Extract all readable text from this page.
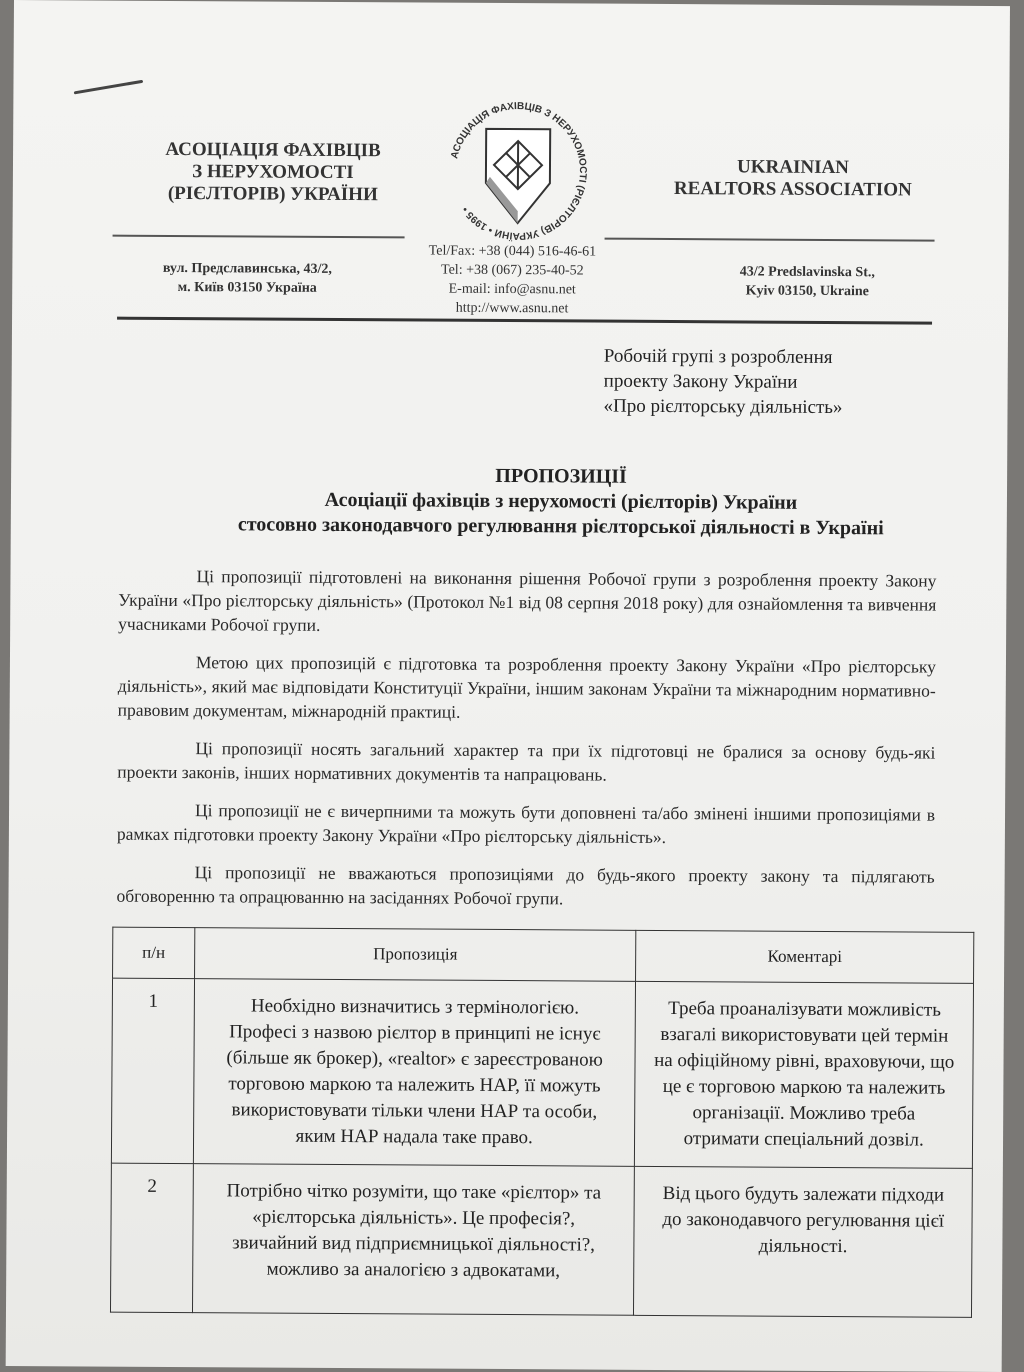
АСОЦІАЦІЯ ФАХІВЦІВ
З НЕРУХОМОСТІ
(РІЄЛТОРІВ) УКРАЇНИ
АСОЦІАЦІЯ ФАХІВЦІВ З НЕРУХОМОСТІ (РІЄЛТОРІВ) УКРАЇНИ • 1995 •
UKRAINIAN
REALTORS ASSOCIATION
вул. Предславинська, 43/2,
м. Київ 03150 Україна
Tel/Fax: +38 (044) 516-46-61
Tel: +38 (067) 235-40-52
E-mail: info@asnu.net
http://www.asnu.net
43/2 Predslavinska St.,
Kyiv 03150, Ukraine
Робочій групі з розроблення
проекту Закону України
«Про рієлторську діяльність»
ПРОПОЗИЦІЇ
Асоціації фахівців з нерухомості (рієлторів) України
стосовно законодавчого регулювання рієлторської діяльності в Україні

Ці пропозиції підготовлені на виконання рішення Робочої групи з розроблення проекту Закону України «Про рієлторську діяльність» (Протокол №1 від 08 серпня 2018 року) для ознайомлення та вивчення учасниками Робочої групи.

Метою цих пропозицій є підготовка та розроблення проекту Закону України «Про рієлторську діяльність», який має відповідати Конституції України, іншим законам України та міжнародним нормативно-правовим документам, міжнародній практиці.

Ці пропозиції носять загальний характер та при їх підготовці не бралися за основу будь-які проекти законів, інших нормативних документів та напрацювань.

Ці пропозиції не є вичерпними та можуть бути доповнені та/або змінені іншими пропозиціями в рамках підготовки проекту Закону України «Про рієлторську діяльність».

Ці пропозиції не вважаються пропозиціями до будь-якого проекту закону та підлягають обговоренню та опрацюванню на засіданнях Робочої групи.

п/н	Пропозиція	Коментарі
1	Необхідно визначитись з термінологією. Професі з назвою рієлтор в принципі не існує (більше як брокер), «realtor» є зареєстрованою торговою маркою та належить НАР, її можуть використовувати тільки члени НАР та особи, яким НАР надала таке право.	Треба проаналізувати можливість взагалі використовувати цей термін на офіційному рівні, враховуючи, що це є торговою маркою та належить організації. Можливо треба отримати спеціальний дозвіл.
2	Потрібно чітко розуміти, що таке «рієлтор» та «рієлторська діяльність». Це професія?, звичайний вид підприємницької діяльності?, можливо за аналогією з адвокатами,	Від цього будуть залежати підходи до законодавчого регулювання цієї діяльності.
